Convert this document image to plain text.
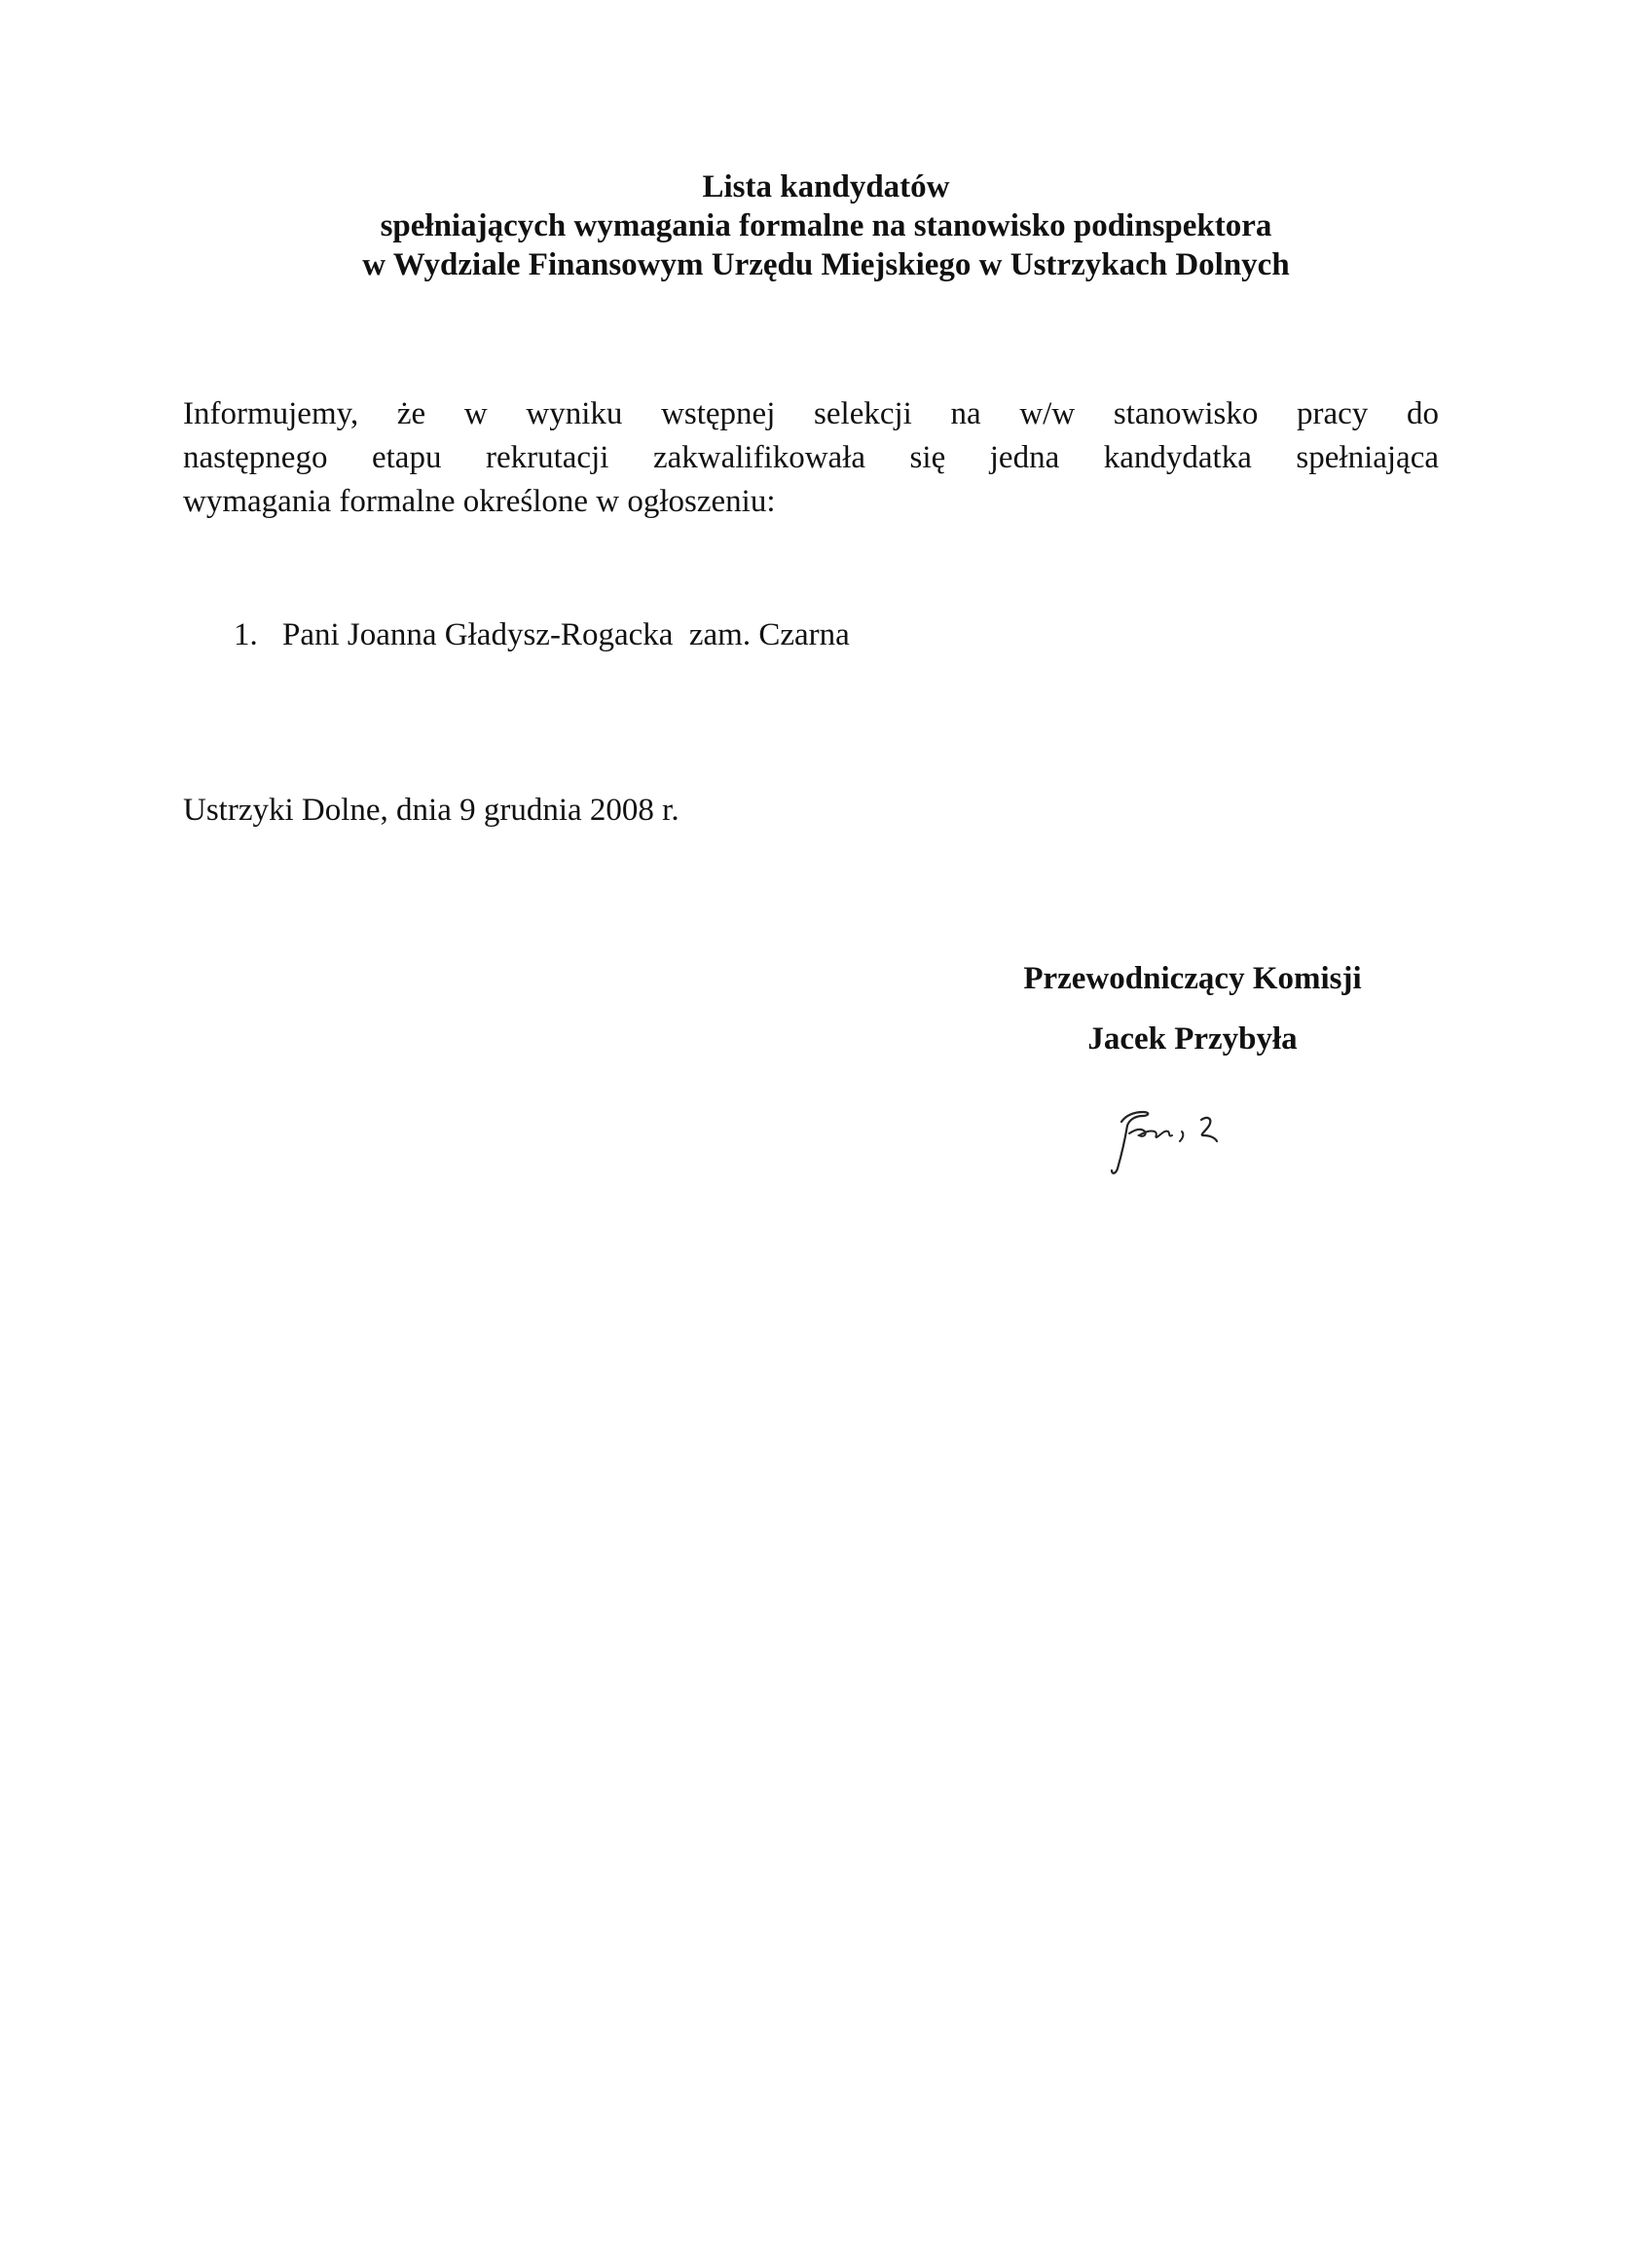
Lista kandydatów
spełniających wymagania formalne na stanowisko podinspektora
w Wydziale Finansowym Urzędu Miejskiego w Ustrzykach Dolnych
Informujemy, że w wyniku wstępnej selekcji na w/w stanowisko pracy do
następnego etapu rekrutacji zakwalifikowała się jedna kandydatka spełniająca
wymagania formalne określone w ogłoszeniu:
1. Pani Joanna Gładysz-Rogacka  zam. Czarna
Ustrzyki Dolne, dnia 9 grudnia 2008 r.
Przewodniczący Komisji
Jacek Przybyła
